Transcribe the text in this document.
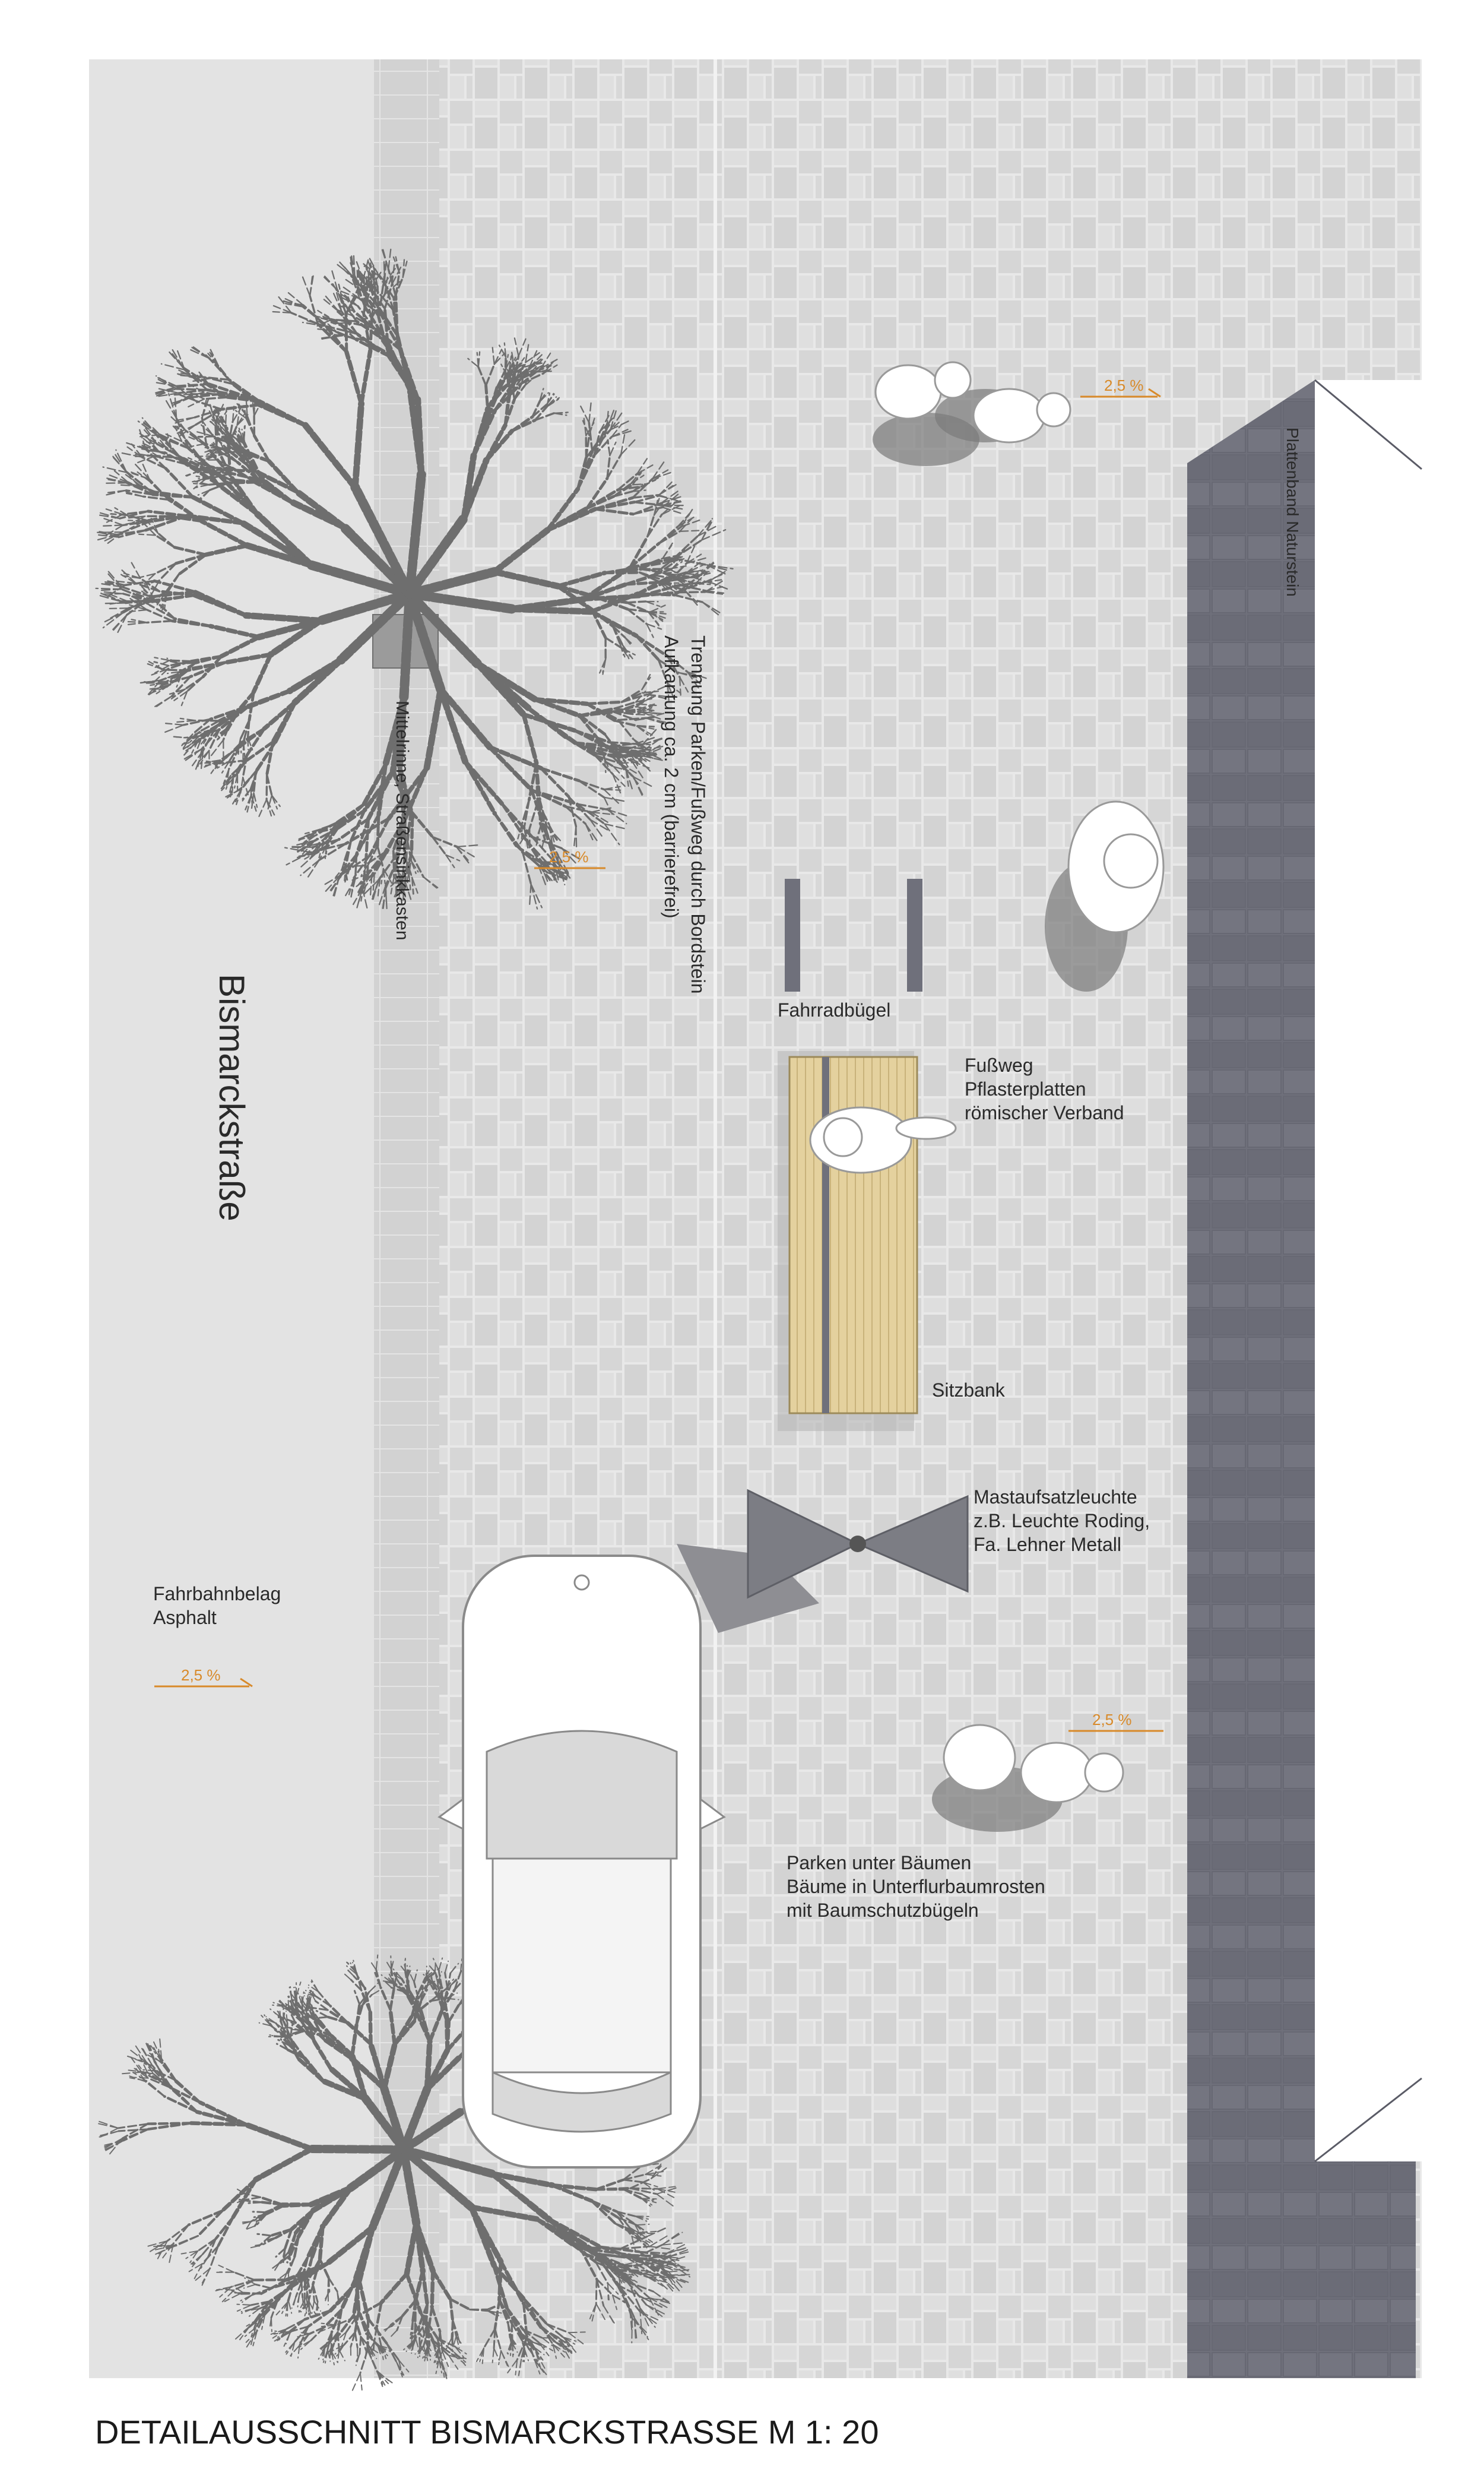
2,5 %
2,5 %
2,5 %
2,5 %
Bismarckstraße
Mittelrinne, Straßensinkkasten	Trennung Parken/Fußweg durch Bordstein
Aufkantung ca. 2 cm (barrierefrei)
Plattenband Naturstein
Fahrradbügel
Fußweg
Pflasterplatten
römischer Verband
Sitzbank
Mastaufsatzleuchte
z.B. Leuchte Roding,
Fa. Lehner Metall
Fahrbahnbelag
Asphalt
Parken unter Bäumen
Bäume in Unterflurbaumrosten
mit Baumschutzbügeln
DETAILAUSSCHNITT BISMARCKSTRASSE M 1: 20
